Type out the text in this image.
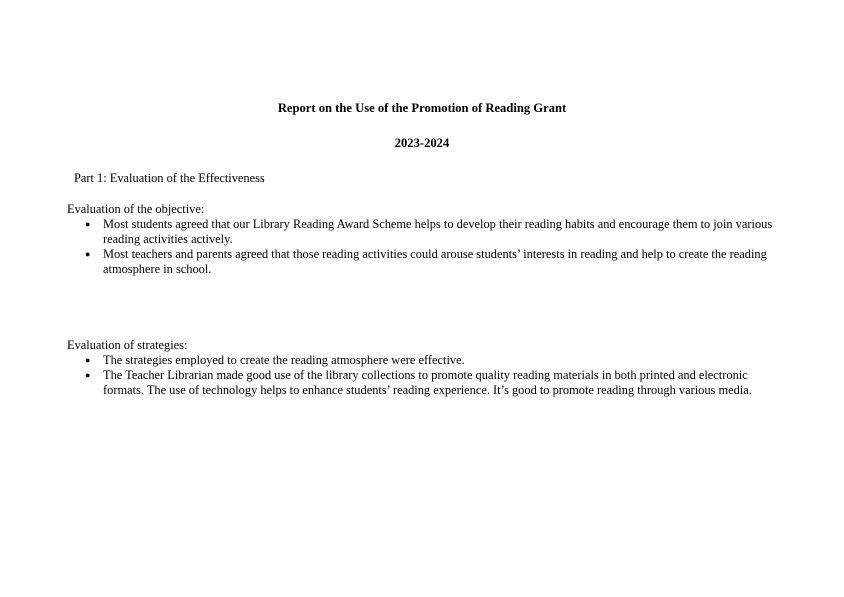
Report on the Use of the Promotion of Reading Grant
2023-2024
Part 1: Evaluation of the Effectiveness

Evaluation of the objective:

● Most students agreed that our Library Reading Award Scheme helps to develop their reading habits and encourage them to join various reading activities actively.
● Most teachers and parents agreed that those reading activities could arouse students’ interests in reading and help to create the reading atmosphere in school.

Evaluation of strategies:

● The strategies employed to create the reading atmosphere were effective.
● The Teacher Librarian made good use of the library collections to promote quality reading materials in both printed and electronic formats. The use of technology helps to enhance students’ reading experience. It’s good to promote reading through various media.
